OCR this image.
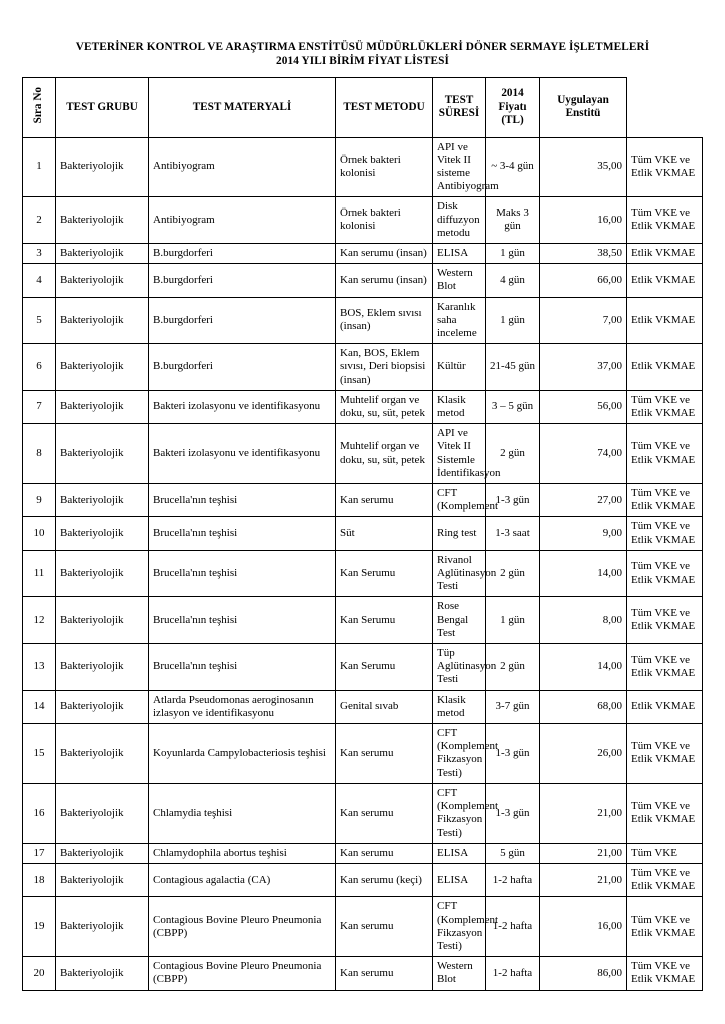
VETERİNER KONTROL VE ARAŞTIRMA ENSTİTÜSÜ MÜDÜRLÜKLERİ DÖNER SERMAYE İŞLETMELERİ
2014 YILI BİRİM FİYAT LİSTESİ
Sıra No	TEST GRUBU	TEST MATERYALİ	TEST METODU	TEST SÜRESİ	2014 Fiyatı (TL)	Uygulayan Enstitü	
1	Bakteriyolojik	Antibiyogram	Örnek bakteri kolonisi	API ve Vitek II sisteme Antibiyogram	~ 3-4 gün	35,00	Tüm VKE ve Etlik VKMAE
2	Bakteriyolojik	Antibiyogram	Örnek bakteri kolonisi	Disk diffuzyon metodu	Maks 3 gün	16,00	Tüm VKE ve Etlik VKMAE
3	Bakteriyolojik	B.burgdorferi	Kan serumu (insan)	ELISA	1 gün	38,50	Etlik VKMAE
4	Bakteriyolojik	B.burgdorferi	Kan serumu (insan)	Western Blot	4 gün	66,00	Etlik VKMAE
5	Bakteriyolojik	B.burgdorferi	BOS, Eklem sıvısı (insan)	Karanlık saha inceleme	1 gün	7,00	Etlik VKMAE
6	Bakteriyolojik	B.burgdorferi	Kan, BOS, Eklem sıvısı, Deri biopsisi (insan)	Kültür	21-45 gün	37,00	Etlik VKMAE
7	Bakteriyolojik	Bakteri izolasyonu ve identifikasyonu	Muhtelif organ ve doku, su, süt, petek	Klasik metod	3 – 5 gün	56,00	Tüm VKE ve Etlik VKMAE
8	Bakteriyolojik	Bakteri izolasyonu ve identifikasyonu	Muhtelif organ ve doku, su, süt, petek	API ve Vitek II Sistemle İdentifikasyon	2 gün	74,00	Tüm VKE ve Etlik VKMAE
9	Bakteriyolojik	Brucella'nın teşhisi	Kan serumu	CFT (Komplement	1-3 gün	27,00	Tüm VKE ve Etlik VKMAE
10	Bakteriyolojik	Brucella'nın teşhisi	Süt	Ring test	1-3 saat	9,00	Tüm VKE ve Etlik VKMAE
11	Bakteriyolojik	Brucella'nın teşhisi	Kan Serumu	Rivanol Aglütinasyon Testi	2 gün	14,00	Tüm VKE ve Etlik VKMAE
12	Bakteriyolojik	Brucella'nın teşhisi	Kan Serumu	Rose Bengal Test	1 gün	8,00	Tüm VKE ve Etlik VKMAE
13	Bakteriyolojik	Brucella'nın teşhisi	Kan Serumu	Tüp Aglütinasyon Testi	2 gün	14,00	Tüm VKE ve Etlik VKMAE
14	Bakteriyolojik	Atlarda Pseudomonas aeroginosanın izlasyon ve identifikasyonu	Genital sıvab	Klasik metod	3-7 gün	68,00	Etlik VKMAE
15	Bakteriyolojik	Koyunlarda Campylobacteriosis teşhisi	Kan serumu	CFT (Komplement Fikzasyon Testi)	1-3 gün	26,00	Tüm VKE ve Etlik VKMAE
16	Bakteriyolojik	Chlamydia teşhisi	Kan serumu	CFT (Komplement Fikzasyon Testi)	1-3 gün	21,00	Tüm VKE ve Etlik VKMAE
17	Bakteriyolojik	Chlamydophila abortus teşhisi	Kan serumu	ELISA	5 gün	21,00	Tüm VKE
18	Bakteriyolojik	Contagious agalactia (CA)	Kan serumu (keçi)	ELISA	1-2 hafta	21,00	Tüm VKE ve Etlik VKMAE
19	Bakteriyolojik	Contagious Bovine Pleuro Pneumonia (CBPP)	Kan serumu	CFT (Komplement Fikzasyon Testi)	1-2 hafta	16,00	Tüm VKE ve Etlik VKMAE
20	Bakteriyolojik	Contagious Bovine Pleuro Pneumonia (CBPP)	Kan serumu	Western Blot	1-2 hafta	86,00	Tüm VKE ve Etlik VKMAE
